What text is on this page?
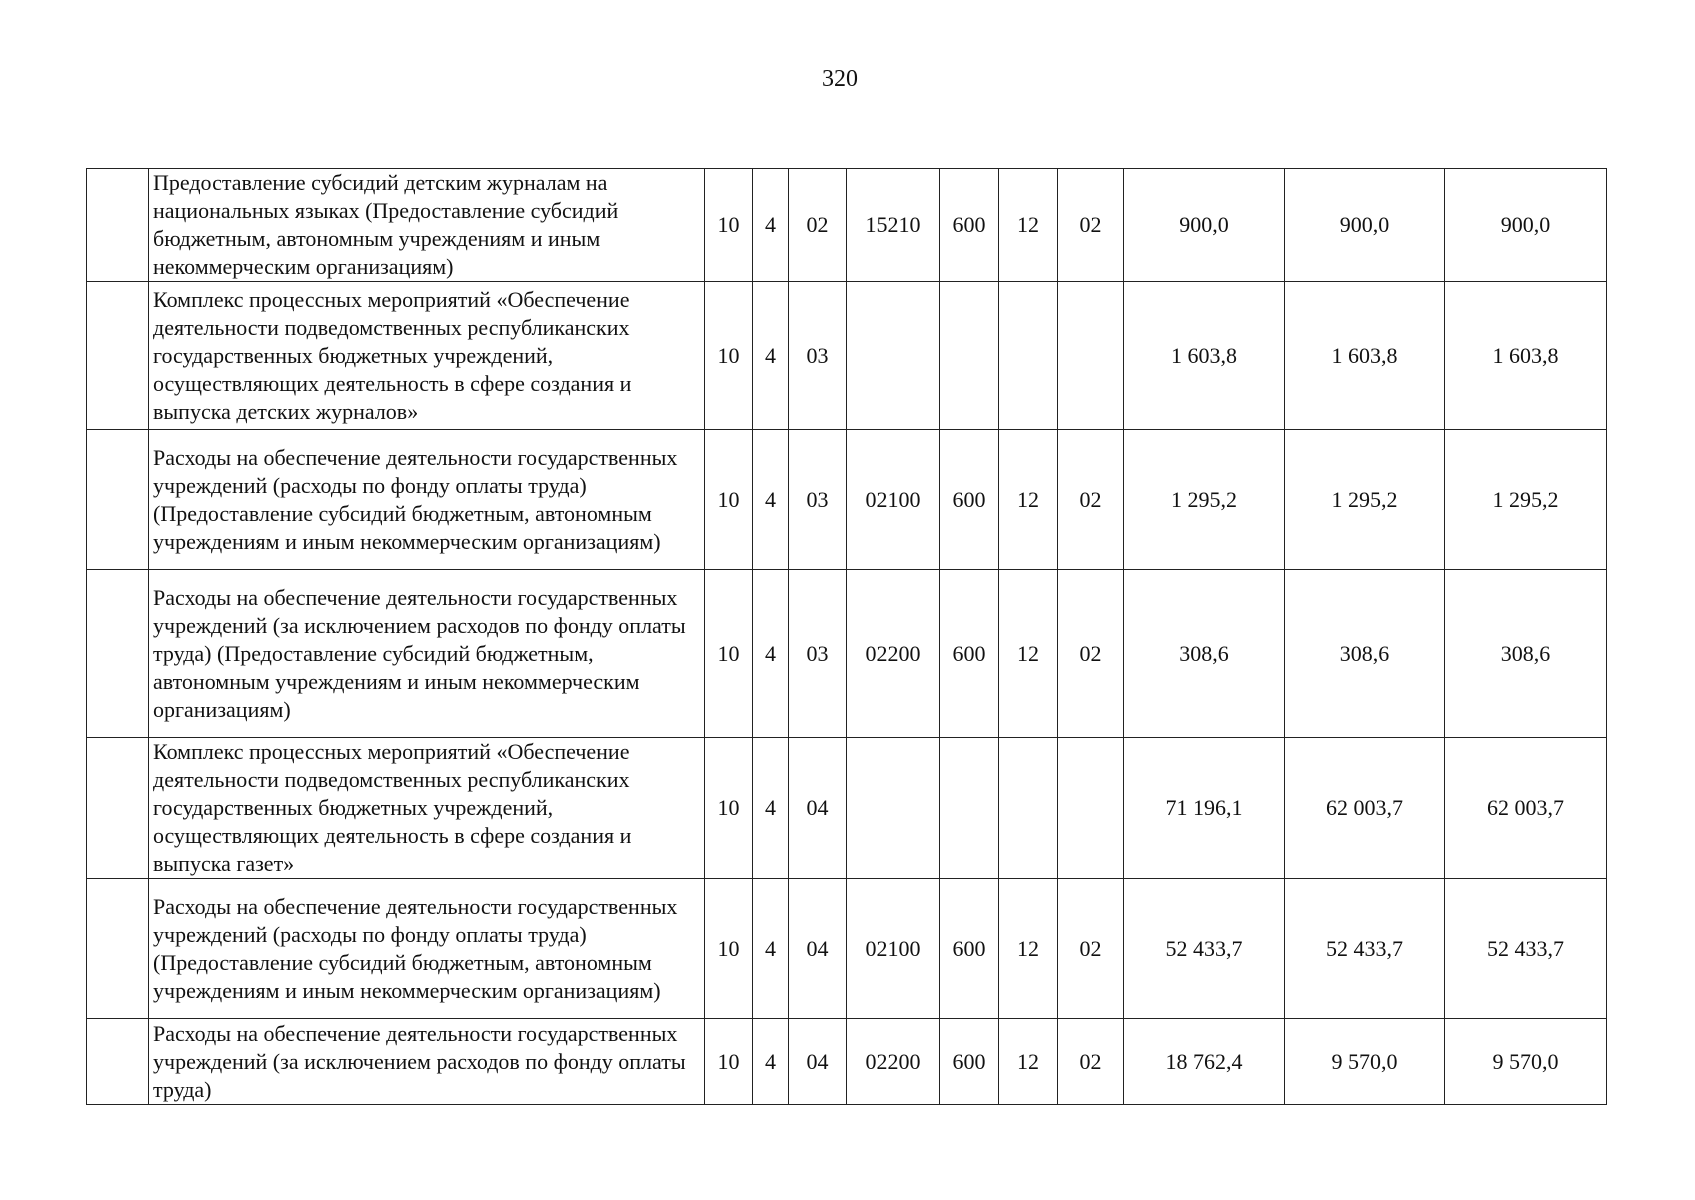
320
	Предоставление субсидий детским журналам на национальных языках (Предоставление субсидий бюджетным, автономным учреждениям и иным некоммерческим организациям)	10	4	02	15210	600	12	02	900,0	900,0	900,0
	Комплекс процессных мероприятий «Обеспечение деятельности подведомственных республиканских государственных бюджетных учреждений, осуществляющих деятельность в сфере создания и выпуска детских журналов»	10	4	03					1 603,8	1 603,8	1 603,8
	Расходы на обеспечение деятельности государственных учреждений (расходы по фонду оплаты труда) (Предоставление субсидий бюджетным, автономным учреждениям и иным некоммерческим организациям)	10	4	03	02100	600	12	02	1 295,2	1 295,2	1 295,2
	Расходы на обеспечение деятельности государственных учреждений (за исключением расходов по фонду оплаты труда) (Предоставление субсидий бюджетным, автономным учреждениям и иным некоммерческим организациям)	10	4	03	02200	600	12	02	308,6	308,6	308,6
	Комплекс процессных мероприятий «Обеспечение деятельности подведомственных республиканских государственных бюджетных учреждений, осуществляющих деятельность в сфере создания и выпуска газет»	10	4	04					71 196,1	62 003,7	62 003,7
	Расходы на обеспечение деятельности государственных учреждений (расходы по фонду оплаты труда) (Предоставление субсидий бюджетным, автономным учреждениям и иным некоммерческим организациям)	10	4	04	02100	600	12	02	52 433,7	52 433,7	52 433,7
	Расходы на обеспечение деятельности государственных учреждений (за исключением расходов по фонду оплаты труда)	10	4	04	02200	600	12	02	18 762,4	9 570,0	9 570,0
